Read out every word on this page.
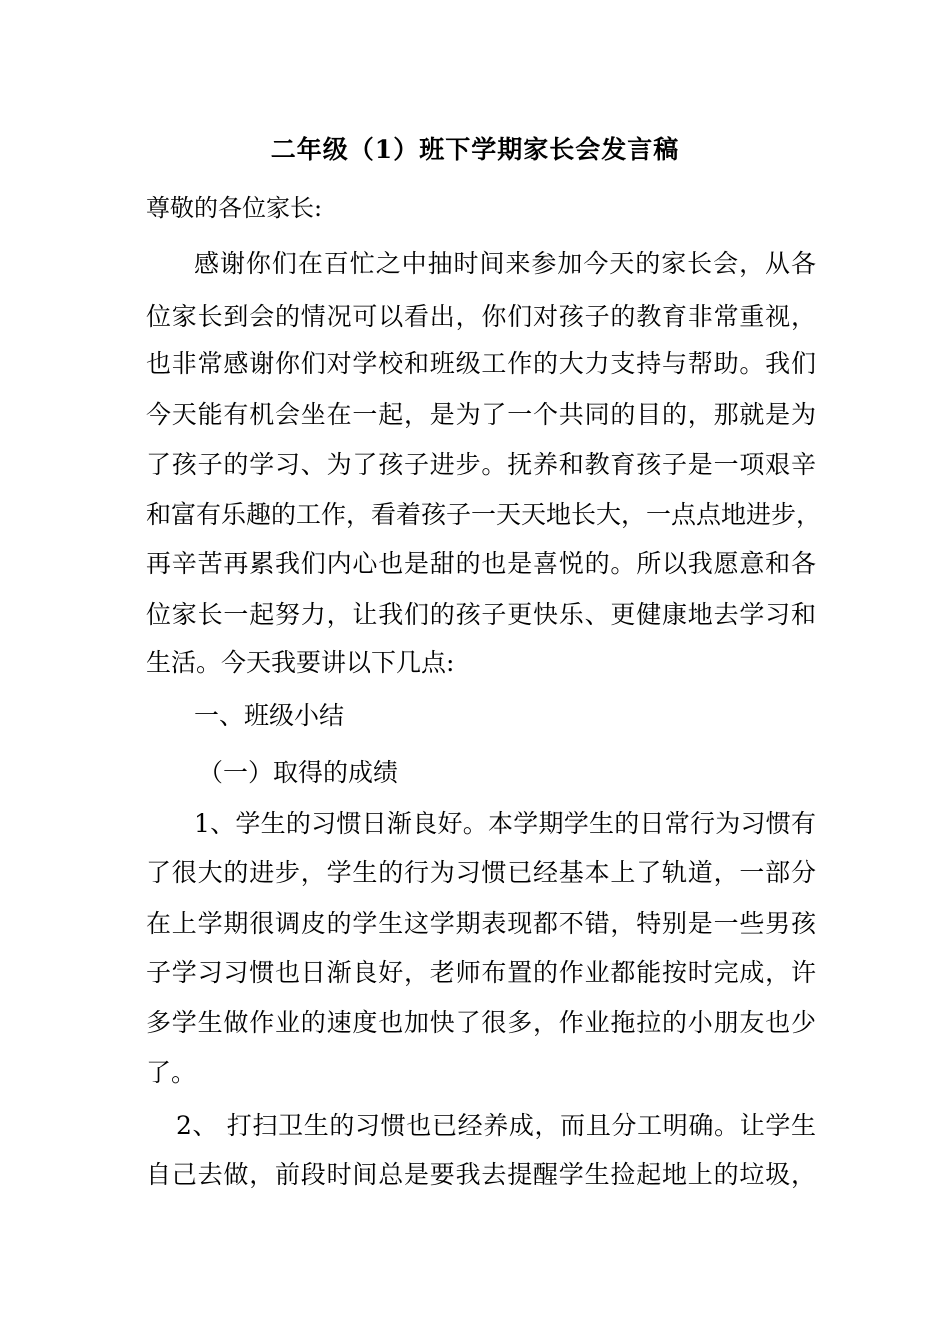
二年级（1）班下学期家长会发言稿
尊敬的各位家长:
感谢你们在百忙之中抽时间来参加今天的家长会，从各
位家长到会的情况可以看出，你们对孩子的教育非常重视，
也非常感谢你们对学校和班级工作的大力支持与帮助。我们
今天能有机会坐在一起，是为了一个共同的目的，那就是为
了孩子的学习、为了孩子进步。抚养和教育孩子是一项艰辛
和富有乐趣的工作，看着孩子一天天地长大，一点点地进步，
再辛苦再累我们内心也是甜的也是喜悦的。所以我愿意和各
位家长一起努力，让我们的孩子更快乐、更健康地去学习和
生活。今天我要讲以下几点:
一、班级小结
（一）取得的成绩
1、学生的习惯日渐良好。本学期学生的日常行为习惯有
了很大的进步，学生的行为习惯已经基本上了轨道，一部分
在上学期很调皮的学生这学期表现都不错，特别是一些男孩
子学习习惯也日渐良好，老师布置的作业都能按时完成，许
多学生做作业的速度也加快了很多，作业拖拉的小朋友也少
了。
2、 打扫卫生的习惯也已经养成，而且分工明确。让学生
自己去做，前段时间总是要我去提醒学生捡起地上的垃圾，
